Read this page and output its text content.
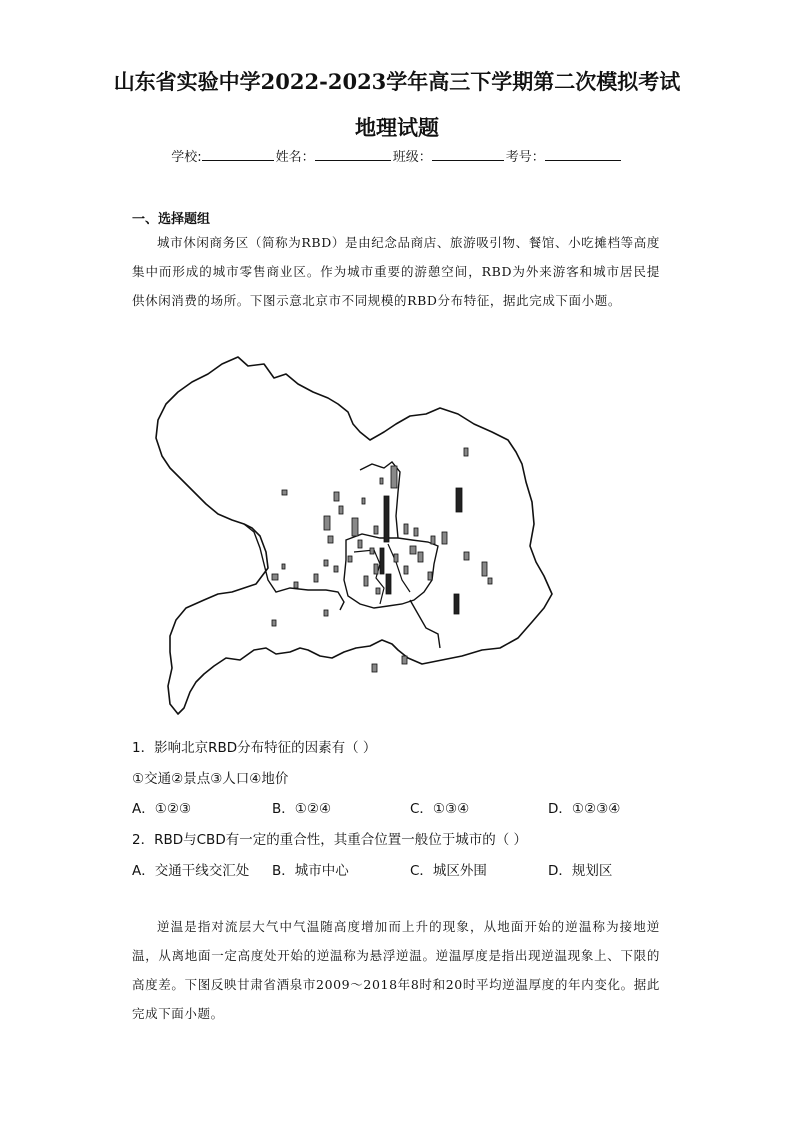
山东省实验中学2022-2023学年高三下学期第二次模拟考试
地理试题
学校:	姓名：	班级：	考号：
一、选择题组
城市休闲商务区（简称为RBD）是由纪念品商店、旅游吸引物、餐馆、小吃摊档等高度集中而形成的城市零售商业区。作为城市重要的游憩空间，RBD为外来游客和城市居民提供休闲消费的场所。下图示意北京市不同规模的RBD分布特征，据此完成下面小题。
1．影响北京RBD分布特征的因素有（ ）
①交通②景点③人口④地价
A．①②③	B．①②④	C．①③④	D．①②③④
2．RBD与CBD有一定的重合性，其重合位置一般位于城市的（ ）
A．交通干线交汇处 B．城市中心	C．城区外围	D．规划区
逆温是指对流层大气中气温随高度增加而上升的现象，从地面开始的逆温称为接地逆温，从离地面一定高度处开始的逆温称为悬浮逆温。逆温厚度是指出现逆温现象上、下限的高度差。下图反映甘肃省酒泉市2009～2018年8时和20时平均逆温厚度的年内变化。据此完成下面小题。
